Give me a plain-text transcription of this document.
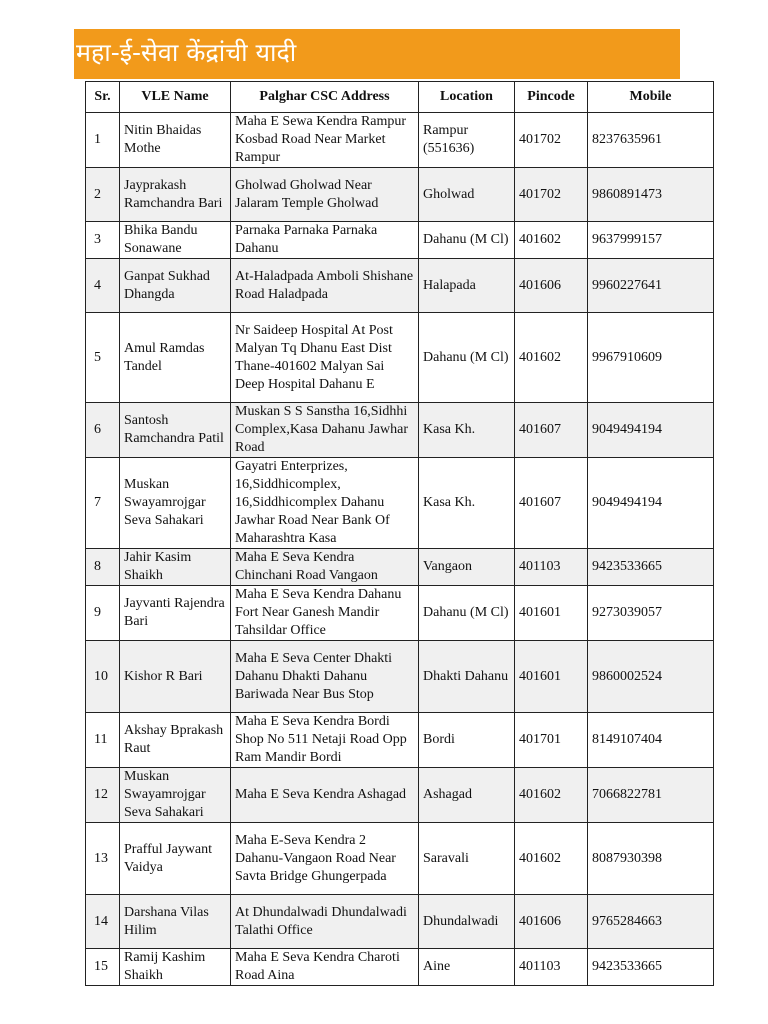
महा-ई-सेवा केंद्रांची यादी
Sr.	VLE Name	Palghar CSC Address	Location	Pincode	Mobile
1	Nitin Bhaidas Mothe	Maha E Sewa Kendra Rampur Kosbad Road Near Market Rampur	Rampur (551636)	401702	8237635961
2	Jayprakash Ramchandra Bari	Gholwad Gholwad Near Jalaram Temple Gholwad	Gholwad	401702	9860891473
3	Bhika Bandu Sonawane	Parnaka Parnaka Parnaka Dahanu	Dahanu (M Cl)	401602	9637999157
4	Ganpat Sukhad Dhangda	At-Haladpada Amboli Shishane Road Haladpada	Halapada	401606	9960227641
5	Amul Ramdas Tandel	Nr Saideep Hospital At Post Malyan Tq Dhanu East Dist Thane-401602 Malyan Sai Deep Hospital Dahanu E	Dahanu (M Cl)	401602	9967910609
6	Santosh Ramchandra Patil	Muskan S S Sanstha 16,Sidhhi Complex,Kasa Dahanu Jawhar Road	Kasa Kh.	401607	9049494194
7	Muskan Swayamrojgar Seva Sahakari	Gayatri Enterprizes, 16,Siddhicomplex, 16,Siddhicomplex Dahanu Jawhar Road Near Bank Of Maharashtra Kasa	Kasa Kh.	401607	9049494194
8	Jahir Kasim Shaikh	Maha E Seva Kendra Chinchani Road Vangaon	Vangaon	401103	9423533665
9	Jayvanti Rajendra Bari	Maha E Seva Kendra Dahanu Fort Near Ganesh Mandir Tahsildar Office	Dahanu (M Cl)	401601	9273039057
10	Kishor R Bari	Maha E Seva Center Dhakti Dahanu Dhakti Dahanu Bariwada Near Bus Stop	Dhakti Dahanu	401601	9860002524
11	Akshay Bprakash Raut	Maha E Seva Kendra Bordi Shop No 511 Netaji Road Opp Ram Mandir Bordi	Bordi	401701	8149107404
12	Muskan Swayamrojgar Seva Sahakari	Maha E Seva Kendra Ashagad	Ashagad	401602	7066822781
13	Prafful Jaywant Vaidya	Maha E-Seva Kendra 2 Dahanu-Vangaon Road Near Savta Bridge Ghungerpada	Saravali	401602	8087930398
14	Darshana Vilas Hilim	At Dhundalwadi Dhundalwadi Talathi Office	Dhundalwadi	401606	9765284663
15	Ramij Kashim Shaikh	Maha E Seva Kendra Charoti Road Aina	Aine	401103	9423533665
